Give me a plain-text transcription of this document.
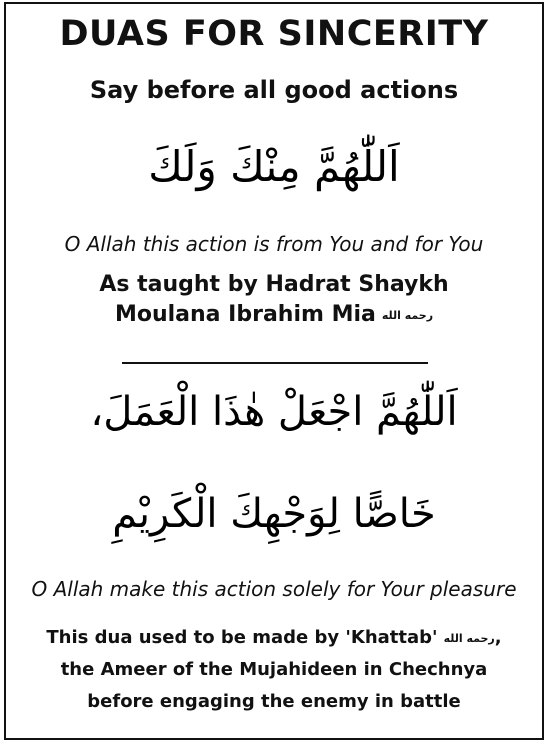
DUAS FOR SINCERITY
Say before all good actions
اَللّٰهُمَّ مِنْكَ وَلَكَ
O Allah this action is from You and for You
As taught by Hadrat Shaykh
Moulana Ibrahim Mia رحمه الله
اَللّٰهُمَّ اجْعَلْ هٰذَا الْعَمَلَ،
خَاصًّا لِوَجْهِكَ الْكَرِيْمِ
O Allah make this action solely for Your pleasure
This dua used to be made by 'Khattab' رحمه الله,
the Ameer of the Mujahideen in Chechnya
before engaging the enemy in battle
